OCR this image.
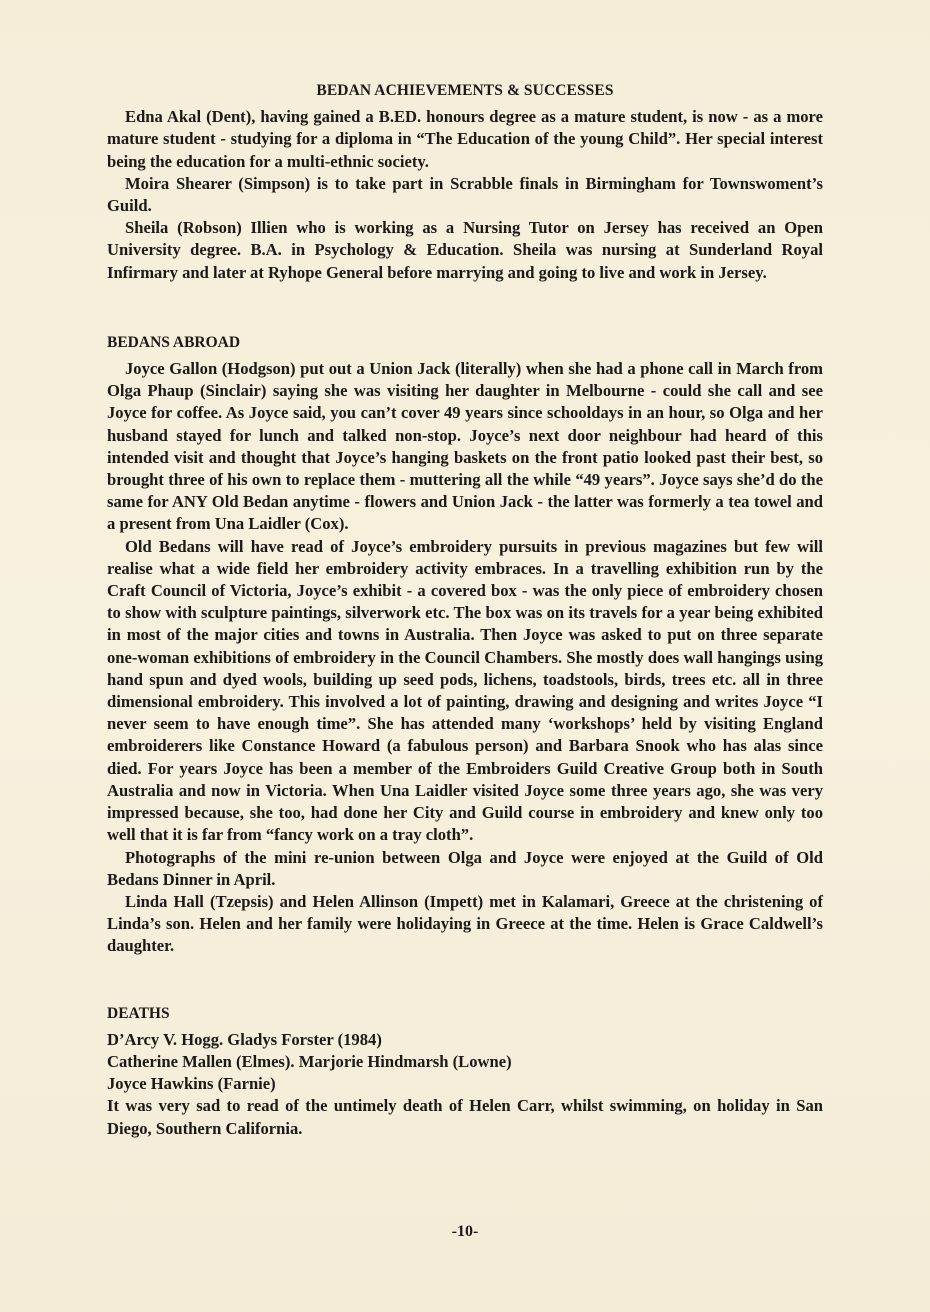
BEDAN ACHIEVEMENTS & SUCCESSES

Edna Akal (Dent), having gained a B.ED. honours degree as a mature student, is now - as a more mature student - studying for a diploma in “The Education of the young Child”. Her special interest being the education for a multi-ethnic society.

Moira Shearer (Simpson) is to take part in Scrabble finals in Birmingham for Townswoment’s Guild.

Sheila (Robson) Illien who is working as a Nursing Tutor on Jersey has received an Open University degree. B.A. in Psychology & Education. Sheila was nursing at Sunderland Royal Infirmary and later at Ryhope General before marrying and going to live and work in Jersey.

BEDANS ABROAD

Joyce Gallon (Hodgson) put out a Union Jack (literally) when she had a phone call in March from Olga Phaup (Sinclair) saying she was visiting her daughter in Melbourne - could she call and see Joyce for coffee. As Joyce said, you can’t cover 49 years since schooldays in an hour, so Olga and her husband stayed for lunch and talked non-stop. Joyce’s next door neighbour had heard of this intended visit and thought that Joyce’s hanging baskets on the front patio looked past their best, so brought three of his own to replace them - muttering all the while “49 years”. Joyce says she’d do the same for ANY Old Bedan anytime - flowers and Union Jack - the latter was formerly a tea towel and a present from Una Laidler (Cox).

Old Bedans will have read of Joyce’s embroidery pursuits in previous magazines but few will realise what a wide field her embroidery activity embraces. In a travelling exhibition run by the Craft Council of Victoria, Joyce’s exhibit - a covered box - was the only piece of embroidery chosen to show with sculpture paintings, silverwork etc. The box was on its travels for a year being exhibited in most of the major cities and towns in Australia. Then Joyce was asked to put on three separate one-woman exhibitions of embroidery in the Council Chambers. She mostly does wall hangings using hand spun and dyed wools, building up seed pods, lichens, toadstools, birds, trees etc. all in three dimensional embroidery. This involved a lot of painting, drawing and designing and writes Joyce “I never seem to have enough time”. She has attended many ‘workshops’ held by visiting England embroiderers like Constance Howard (a fabulous person) and Barbara Snook who has alas since died. For years Joyce has been a member of the Embroiders Guild Creative Group both in South Australia and now in Victoria. When Una Laidler visited Joyce some three years ago, she was very impressed because, she too, had done her City and Guild course in embroidery and knew only too well that it is far from “fancy work on a tray cloth”.

Photographs of the mini re-union between Olga and Joyce were enjoyed at the Guild of Old Bedans Dinner in April.

Linda Hall (Tzepsis) and Helen Allinson (Impett) met in Kalamari, Greece at the christening of Linda’s son. Helen and her family were holidaying in Greece at the time. Helen is Grace Caldwell’s daughter.

DEATHS
D’Arcy V. Hogg. Gladys Forster (1984)
Catherine Mallen (Elmes). Marjorie Hindmarsh (Lowne)
Joyce Hawkins (Farnie)

It was very sad to read of the untimely death of Helen Carr, whilst swimming, on holiday in San Diego, Southern California.

-10-
